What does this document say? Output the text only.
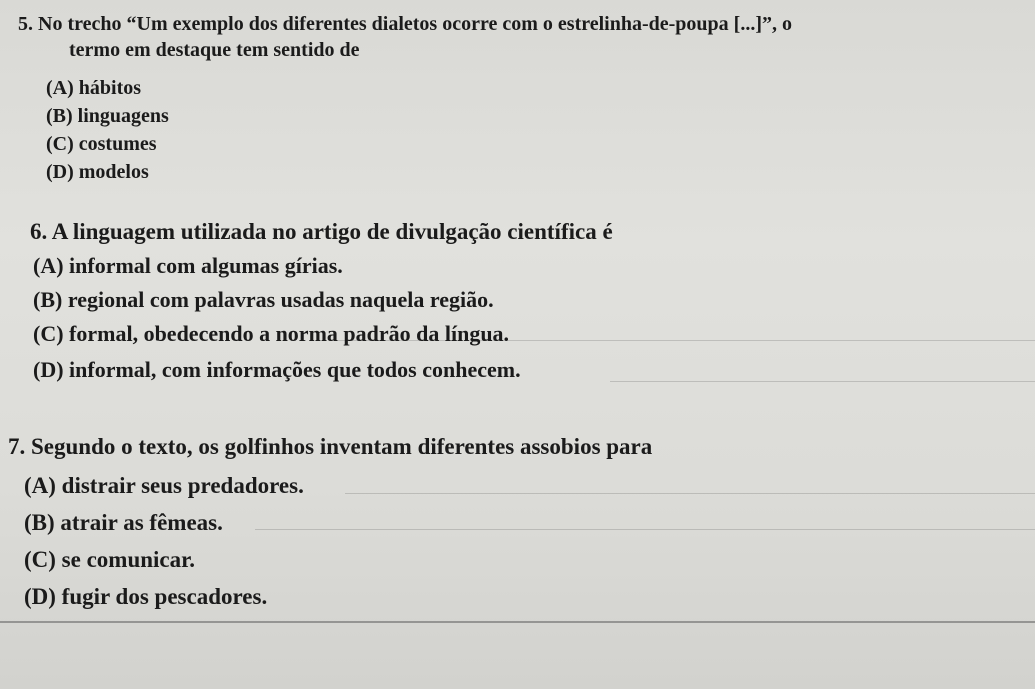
5. No trecho “Um exemplo dos diferentes dialetos ocorre com o estrelinha-de-poupa [...]”, o
termo em destaque tem sentido de
(A) hábitos
(B) linguagens
(C) costumes
(D) modelos
6. A linguagem utilizada no artigo de divulgação científica é
(A) informal com algumas gírias.
(B) regional com palavras usadas naquela região.
(C) formal, obedecendo a norma padrão da língua.
(D) informal, com informações que todos conhecem.
7. Segundo o texto, os golfinhos inventam diferentes assobios para
(A) distrair seus predadores.
(B) atrair as fêmeas.
(C) se comunicar.
(D) fugir dos pescadores.
